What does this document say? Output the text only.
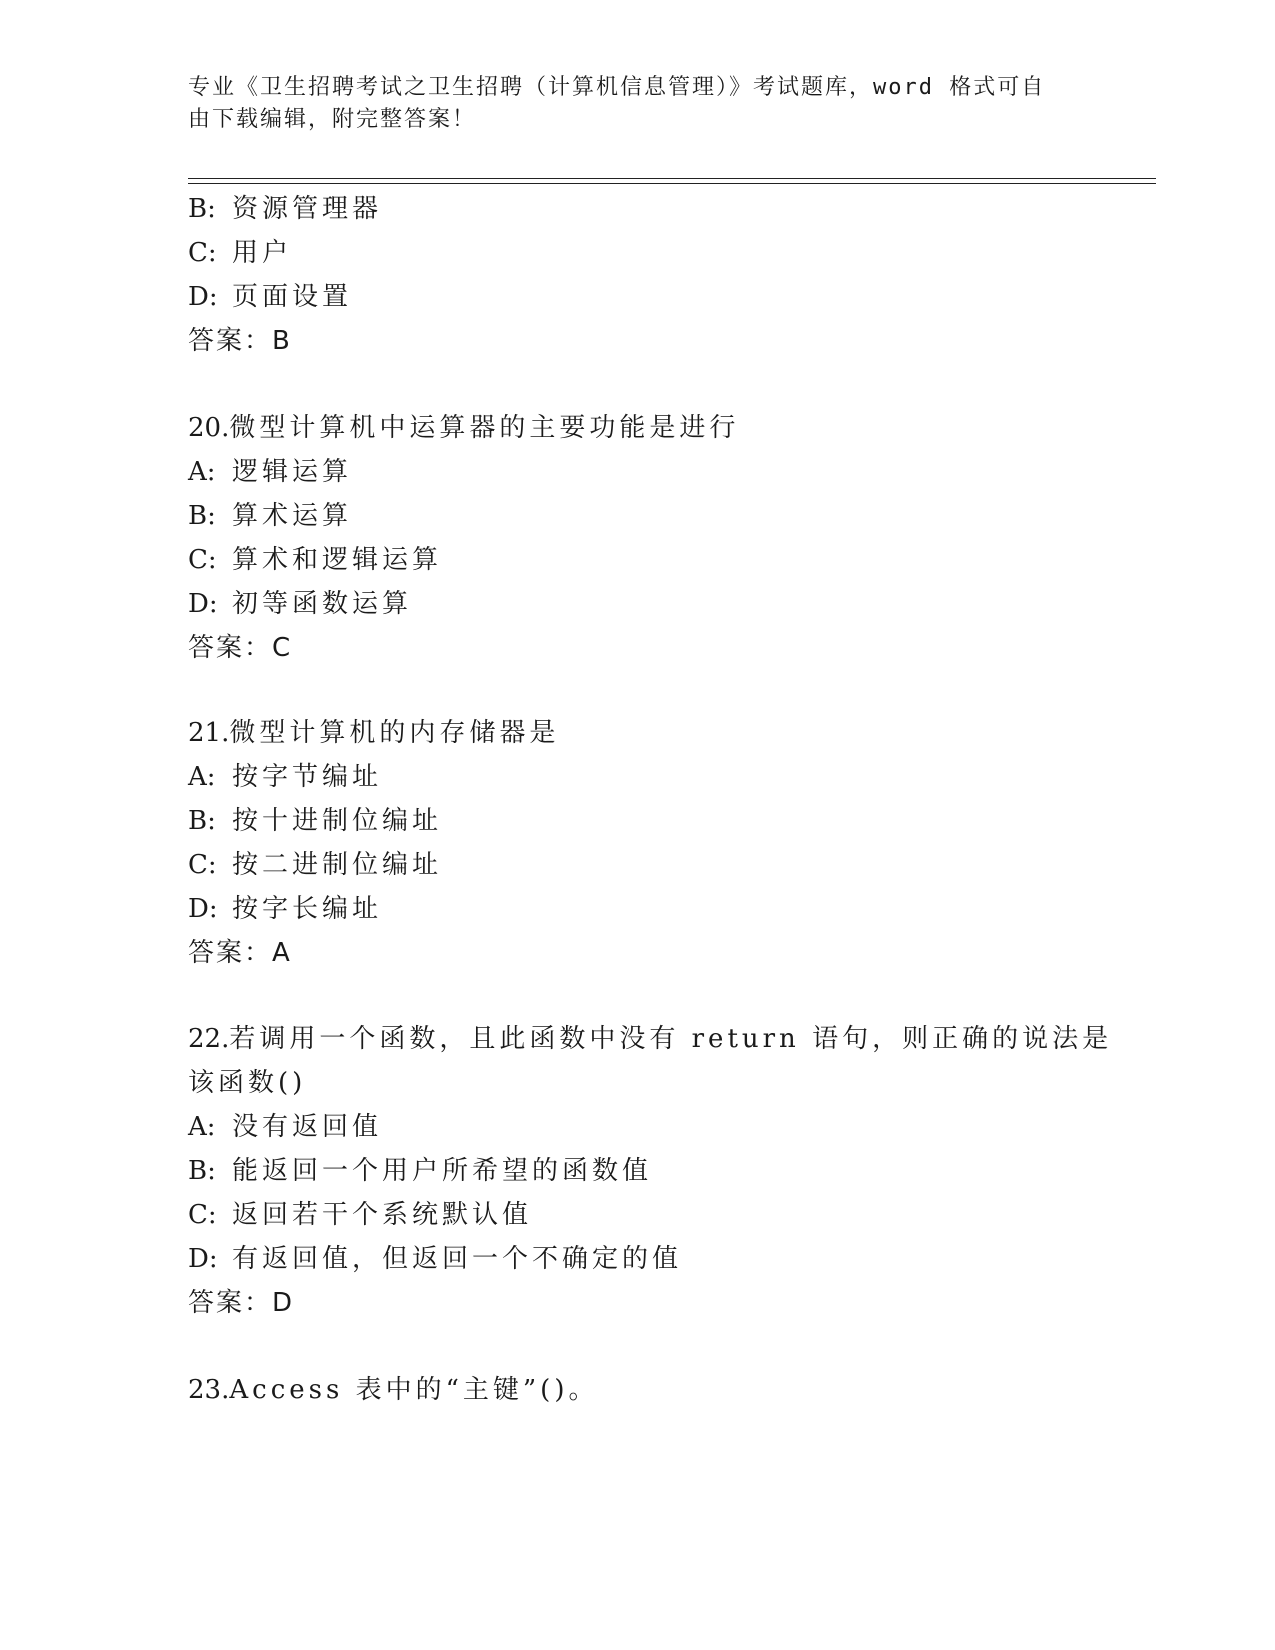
专业《卫生招聘考试之卫生招聘（计算机信息管理）》考试题库，word 格式可自
由下载编辑，附完整答案！
B: 资源管理器
C: 用户
D: 页面设置
答案：B
20.微型计算机中运算器的主要功能是进行
A: 逻辑运算
B: 算术运算
C: 算术和逻辑运算
D: 初等函数运算
答案：C
21.微型计算机的内存储器是
A: 按字节编址
B: 按十进制位编址
C: 按二进制位编址
D: 按字长编址
答案：A
22.若调用一个函数，且此函数中没有 return 语句，则正确的说法是
该函数()
A: 没有返回值
B: 能返回一个用户所希望的函数值
C: 返回若干个系统默认值
D: 有返回值，但返回一个不确定的值
答案：D
23.Access 表中的“主键”()。
